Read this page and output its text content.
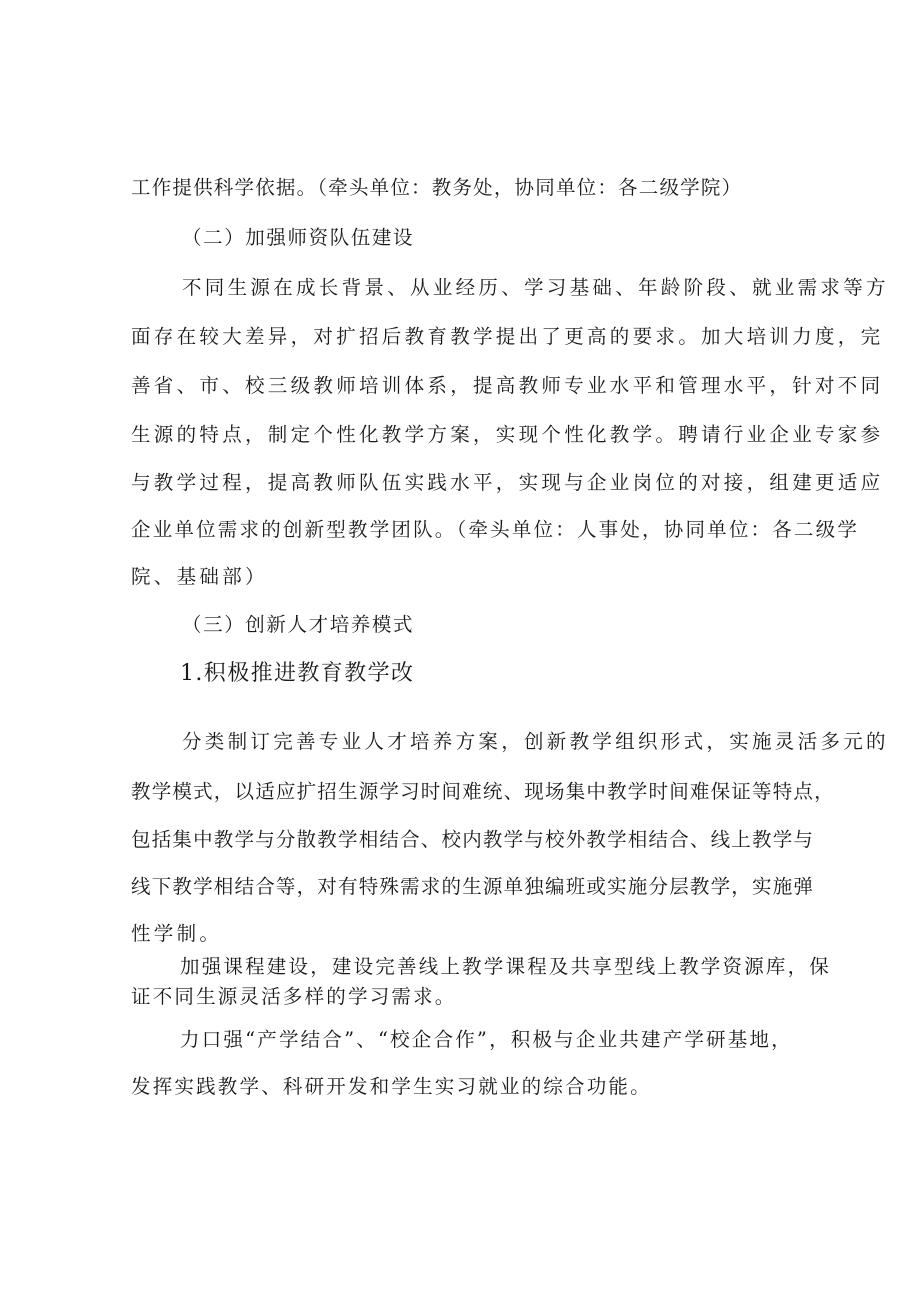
工作提供科学依据。（牵头单位：教务处，协同单位：各二级学院）

（二）加强师资队伍建设

不同生源在成长背景、从业经历、学习基础、年龄阶段、就业需求等方

面存在较大差异，对扩招后教育教学提出了更高的要求。加大培训力度，完

善省、市、校三级教师培训体系，提高教师专业水平和管理水平，针对不同

生源的特点，制定个性化教学方案，实现个性化教学。聘请行业企业专家参

与教学过程，提高教师队伍实践水平，实现与企业岗位的对接，组建更适应

企业单位需求的创新型教学团队。（牵头单位：人事处，协同单位：各二级学

院、基础部）

（三）创新人才培养模式

1.积极推进教育教学改

分类制订完善专业人才培养方案，创新教学组织形式，实施灵活多元的

教学模式，以适应扩招生源学习时间难统、现场集中教学时间难保证等特点，

包括集中教学与分散教学相结合、校内教学与校外教学相结合、线上教学与

线下教学相结合等，对有特殊需求的生源单独编班或实施分层教学，实施弹

性学制。

加强课程建设，建设完善线上教学课程及共享型线上教学资源库，保

证不同生源灵活多样的学习需求。

力口强“产学结合”、“校企合作”，积极与企业共建产学研基地，

发挥实践教学、科研开发和学生实习就业的综合功能。
